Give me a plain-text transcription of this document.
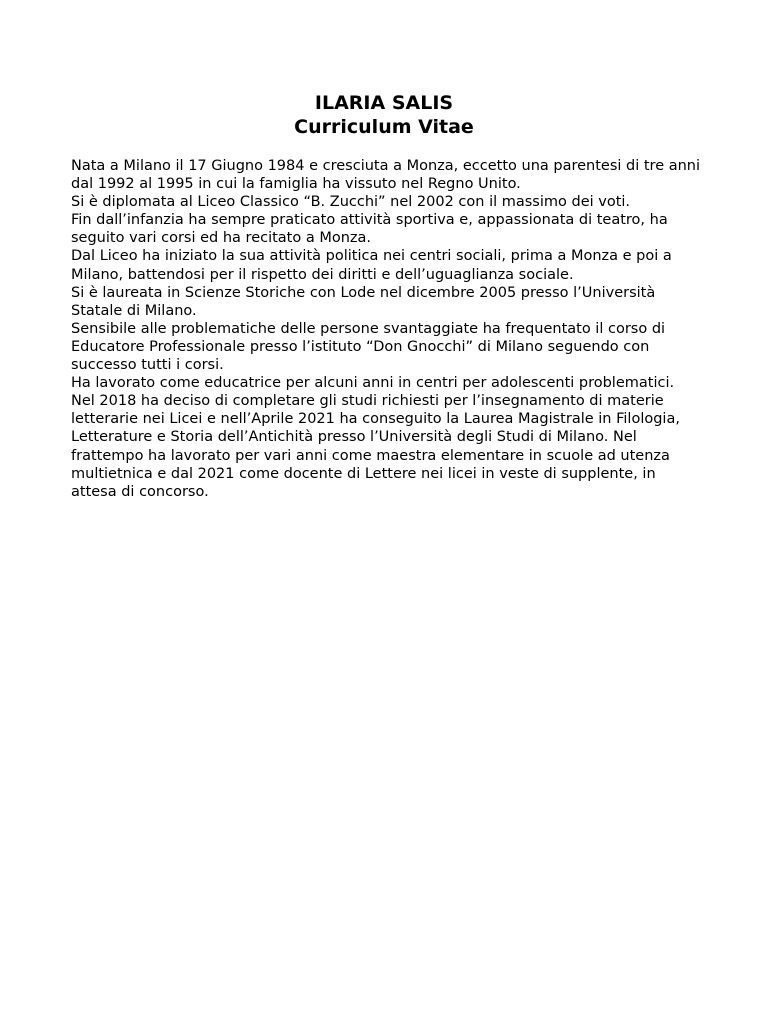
ILARIA SALIS
Curriculum Vitae

Nata a Milano il 17 Giugno 1984 e cresciuta a Monza, eccetto una parentesi di tre anni dal 1992 al 1995 in cui la famiglia ha vissuto nel Regno Unito.

Si è diplomata al Liceo Classico “B. Zucchi” nel 2002 con il massimo dei voti.

Fin dall’infanzia ha sempre praticato attività sportiva e, appassionata di teatro, ha seguito vari corsi ed ha recitato a Monza.

Dal Liceo ha iniziato la sua attività politica nei centri sociali, prima a Monza e poi a Milano, battendosi per il rispetto dei diritti e dell’uguaglianza sociale.

Si è laureata in Scienze Storiche con Lode nel dicembre 2005 presso l’Università Statale di Milano.

Sensibile alle problematiche delle persone svantaggiate ha frequentato il corso di Educatore Professionale presso l’istituto “Don Gnocchi” di Milano seguendo con successo tutti i corsi.

Ha lavorato come educatrice per alcuni anni in centri per adolescenti problematici.

Nel 2018 ha deciso di completare gli studi richiesti per l’insegnamento di materie letterarie nei Licei e nell’Aprile 2021 ha conseguito la Laurea Magistrale in Filologia, Letterature e Storia dell’Antichità presso l’Università degli Studi di Milano. Nel frattempo ha lavorato per vari anni come maestra elementare in scuole ad utenza multietnica e dal 2021 come docente di Lettere nei licei in veste di supplente, in attesa di concorso.
